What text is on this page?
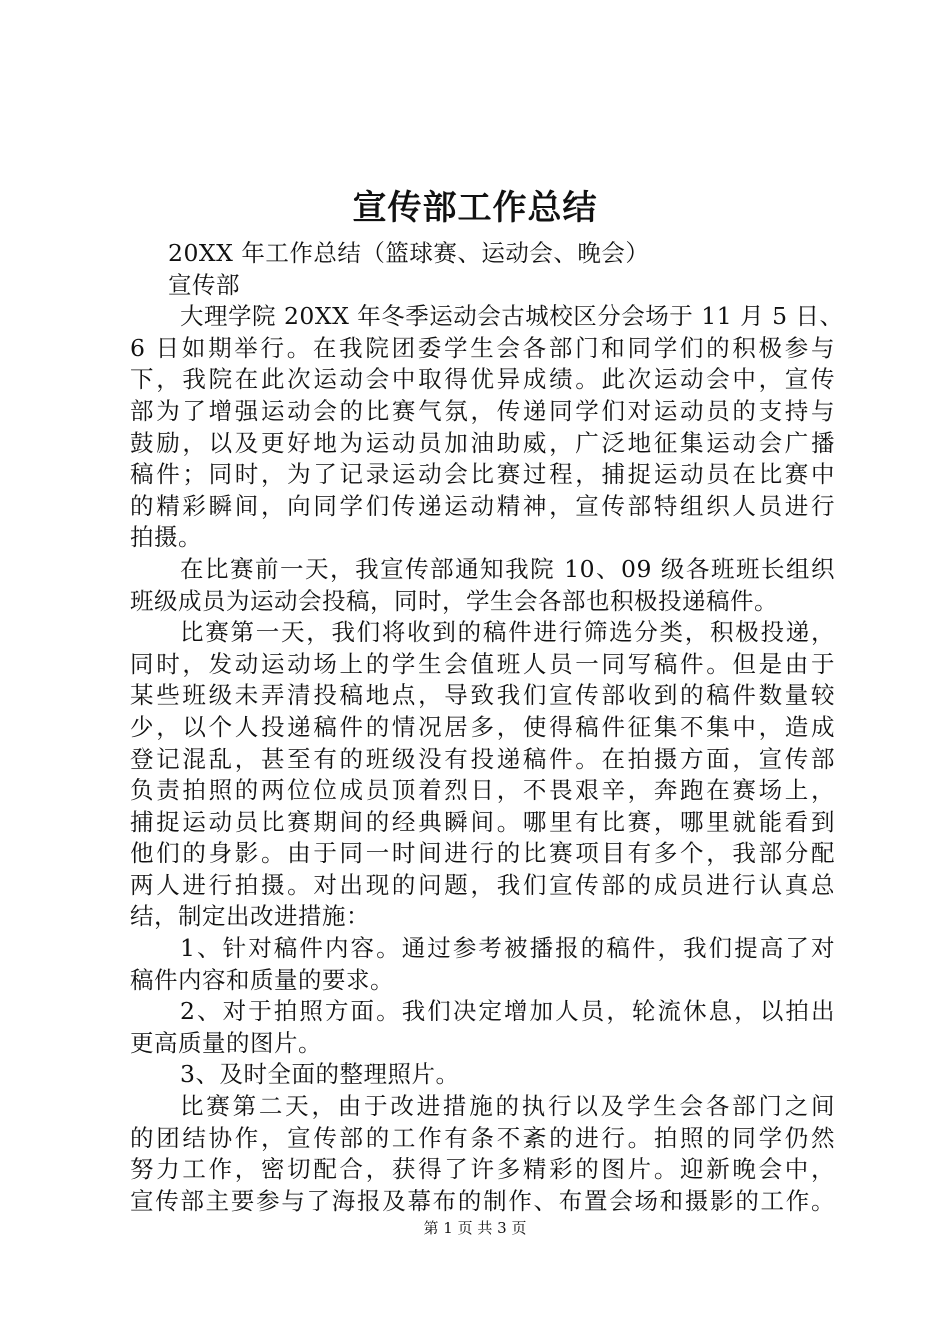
宣传部工作总结
20XX 年工作总结（篮球赛、运动会、晚会）
宣传部
大理学院 20XX 年冬季运动会古城校区分会场于 11 月 5 日、
6 日如期举行。在我院团委学生会各部门和同学们的积极参与
下，我院在此次运动会中取得优异成绩。此次运动会中，宣传
部为了增强运动会的比赛气氛，传递同学们对运动员的支持与
鼓励，以及更好地为运动员加油助威，广泛地征集运动会广播
稿件；同时，为了记录运动会比赛过程，捕捉运动员在比赛中
的精彩瞬间，向同学们传递运动精神，宣传部特组织人员进行
拍摄。
在比赛前一天，我宣传部通知我院 10、09 级各班班长组织
班级成员为运动会投稿，同时，学生会各部也积极投递稿件。
比赛第一天，我们将收到的稿件进行筛选分类，积极投递，
同时，发动运动场上的学生会值班人员一同写稿件。但是由于
某些班级未弄清投稿地点，导致我们宣传部收到的稿件数量较
少，以个人投递稿件的情况居多，使得稿件征集不集中，造成
登记混乱，甚至有的班级没有投递稿件。在拍摄方面，宣传部
负责拍照的两位位成员顶着烈日，不畏艰辛，奔跑在赛场上，
捕捉运动员比赛期间的经典瞬间。哪里有比赛，哪里就能看到
他们的身影。由于同一时间进行的比赛项目有多个，我部分配
两人进行拍摄。对出现的问题，我们宣传部的成员进行认真总
结，制定出改进措施：
1、针对稿件内容。通过参考被播报的稿件，我们提高了对
稿件内容和质量的要求。
2、对于拍照方面。我们决定增加人员，轮流休息，以拍出
更高质量的图片。
3、及时全面的整理照片。
比赛第二天，由于改进措施的执行以及学生会各部门之间
的团结协作，宣传部的工作有条不紊的进行。拍照的同学仍然
努力工作，密切配合，获得了许多精彩的图片。迎新晚会中，
宣传部主要参与了海报及幕布的制作、布置会场和摄影的工作。
第 1 页 共 3 页
